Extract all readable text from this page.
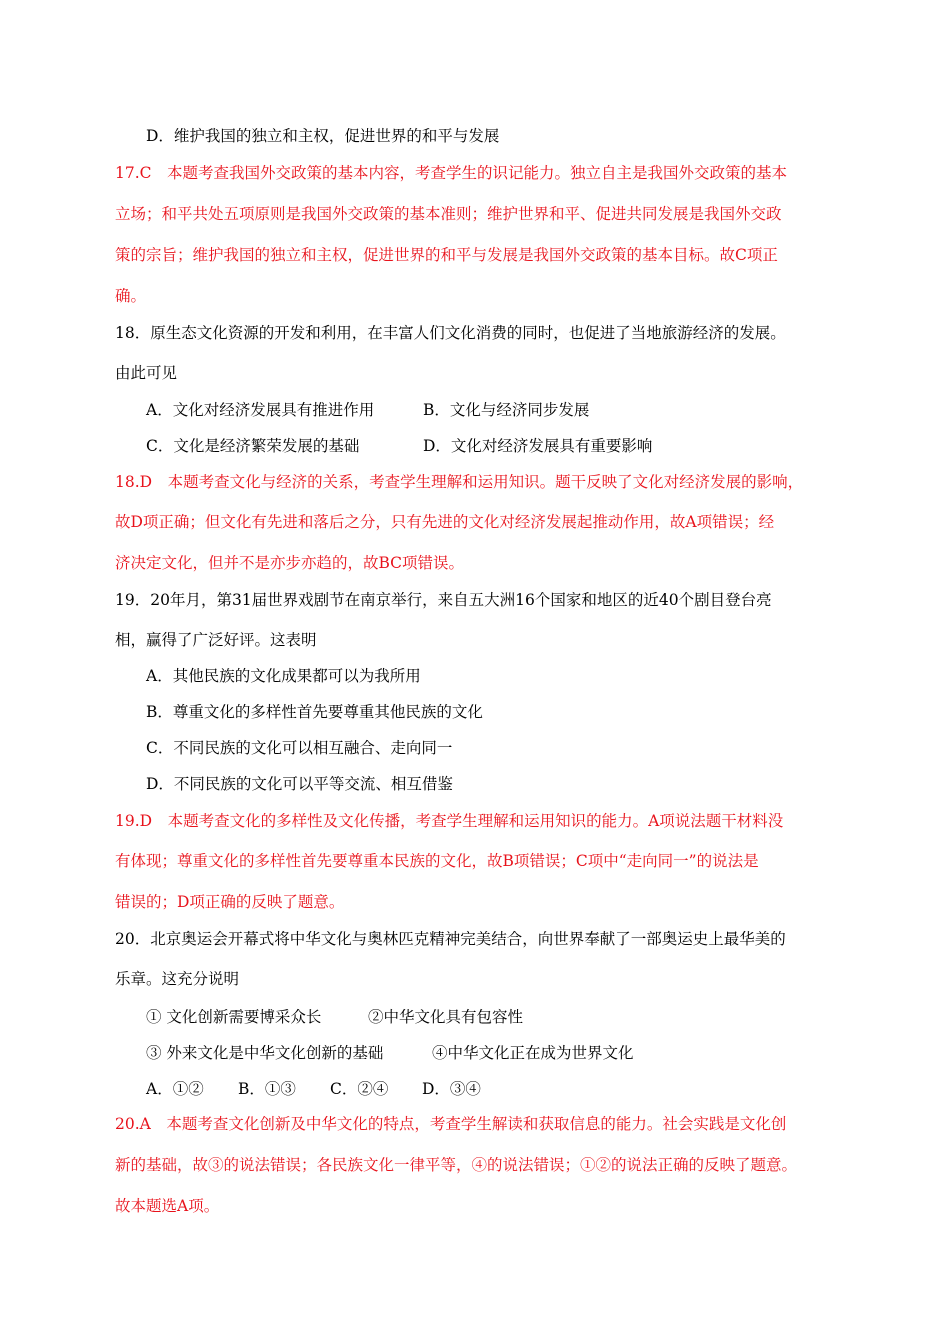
D．维护我国的独立和主权，促进世界的和平与发展
17.C　本题考查我国外交政策的基本内容，考查学生的识记能力。独立自主是我国外交政策的基本
立场；和平共处五项原则是我国外交政策的基本准则；维护世界和平、促进共同发展是我国外交政
策的宗旨；维护我国的独立和主权，促进世界的和平与发展是我国外交政策的基本目标。故C项正
确。
18．原生态文化资源的开发和利用，在丰富人们文化消费的同时，也促进了当地旅游经济的发展。
由此可见
A．文化对经济发展具有推进作用	B．文化与经济同步发展
C．文化是经济繁荣发展的基础	D．文化对经济发展具有重要影响
18.D　本题考查文化与经济的关系，考查学生理解和运用知识。题干反映了文化对经济发展的影响，
故D项正确；但文化有先进和落后之分，只有先进的文化对经济发展起推动作用，故A项错误；经
济决定文化，但并不是亦步亦趋的，故BC项错误。
19．20年月，第31届世界戏剧节在南京举行，来自五大洲16个国家和地区的近40个剧目登台亮
相，赢得了广泛好评。这表明
A．其他民族的文化成果都可以为我所用
B．尊重文化的多样性首先要尊重其他民族的文化
C．不同民族的文化可以相互融合、走向同一
D．不同民族的文化可以平等交流、相互借鉴
19.D　本题考查文化的多样性及文化传播，考查学生理解和运用知识的能力。A项说法题干材料没
有体现；尊重文化的多样性首先要尊重本民族的文化，故B项错误；C项中“走向同一”的说法是
错误的；D项正确的反映了题意。
20．北京奥运会开幕式将中华文化与奥林匹克精神完美结合，向世界奉献了一部奥运史上最华美的
乐章。这充分说明
① 文化创新需要博采众长	②中华文化具有包容性
③ 外来文化是中华文化创新的基础	④中华文化正在成为世界文化
A．①② B．①③ C．②④ D．③④
20.A　本题考查文化创新及中华文化的特点，考查学生解读和获取信息的能力。社会实践是文化创
新的基础，故③的说法错误；各民族文化一律平等，④的说法错误；①②的说法正确的反映了题意。
故本题选A项。
